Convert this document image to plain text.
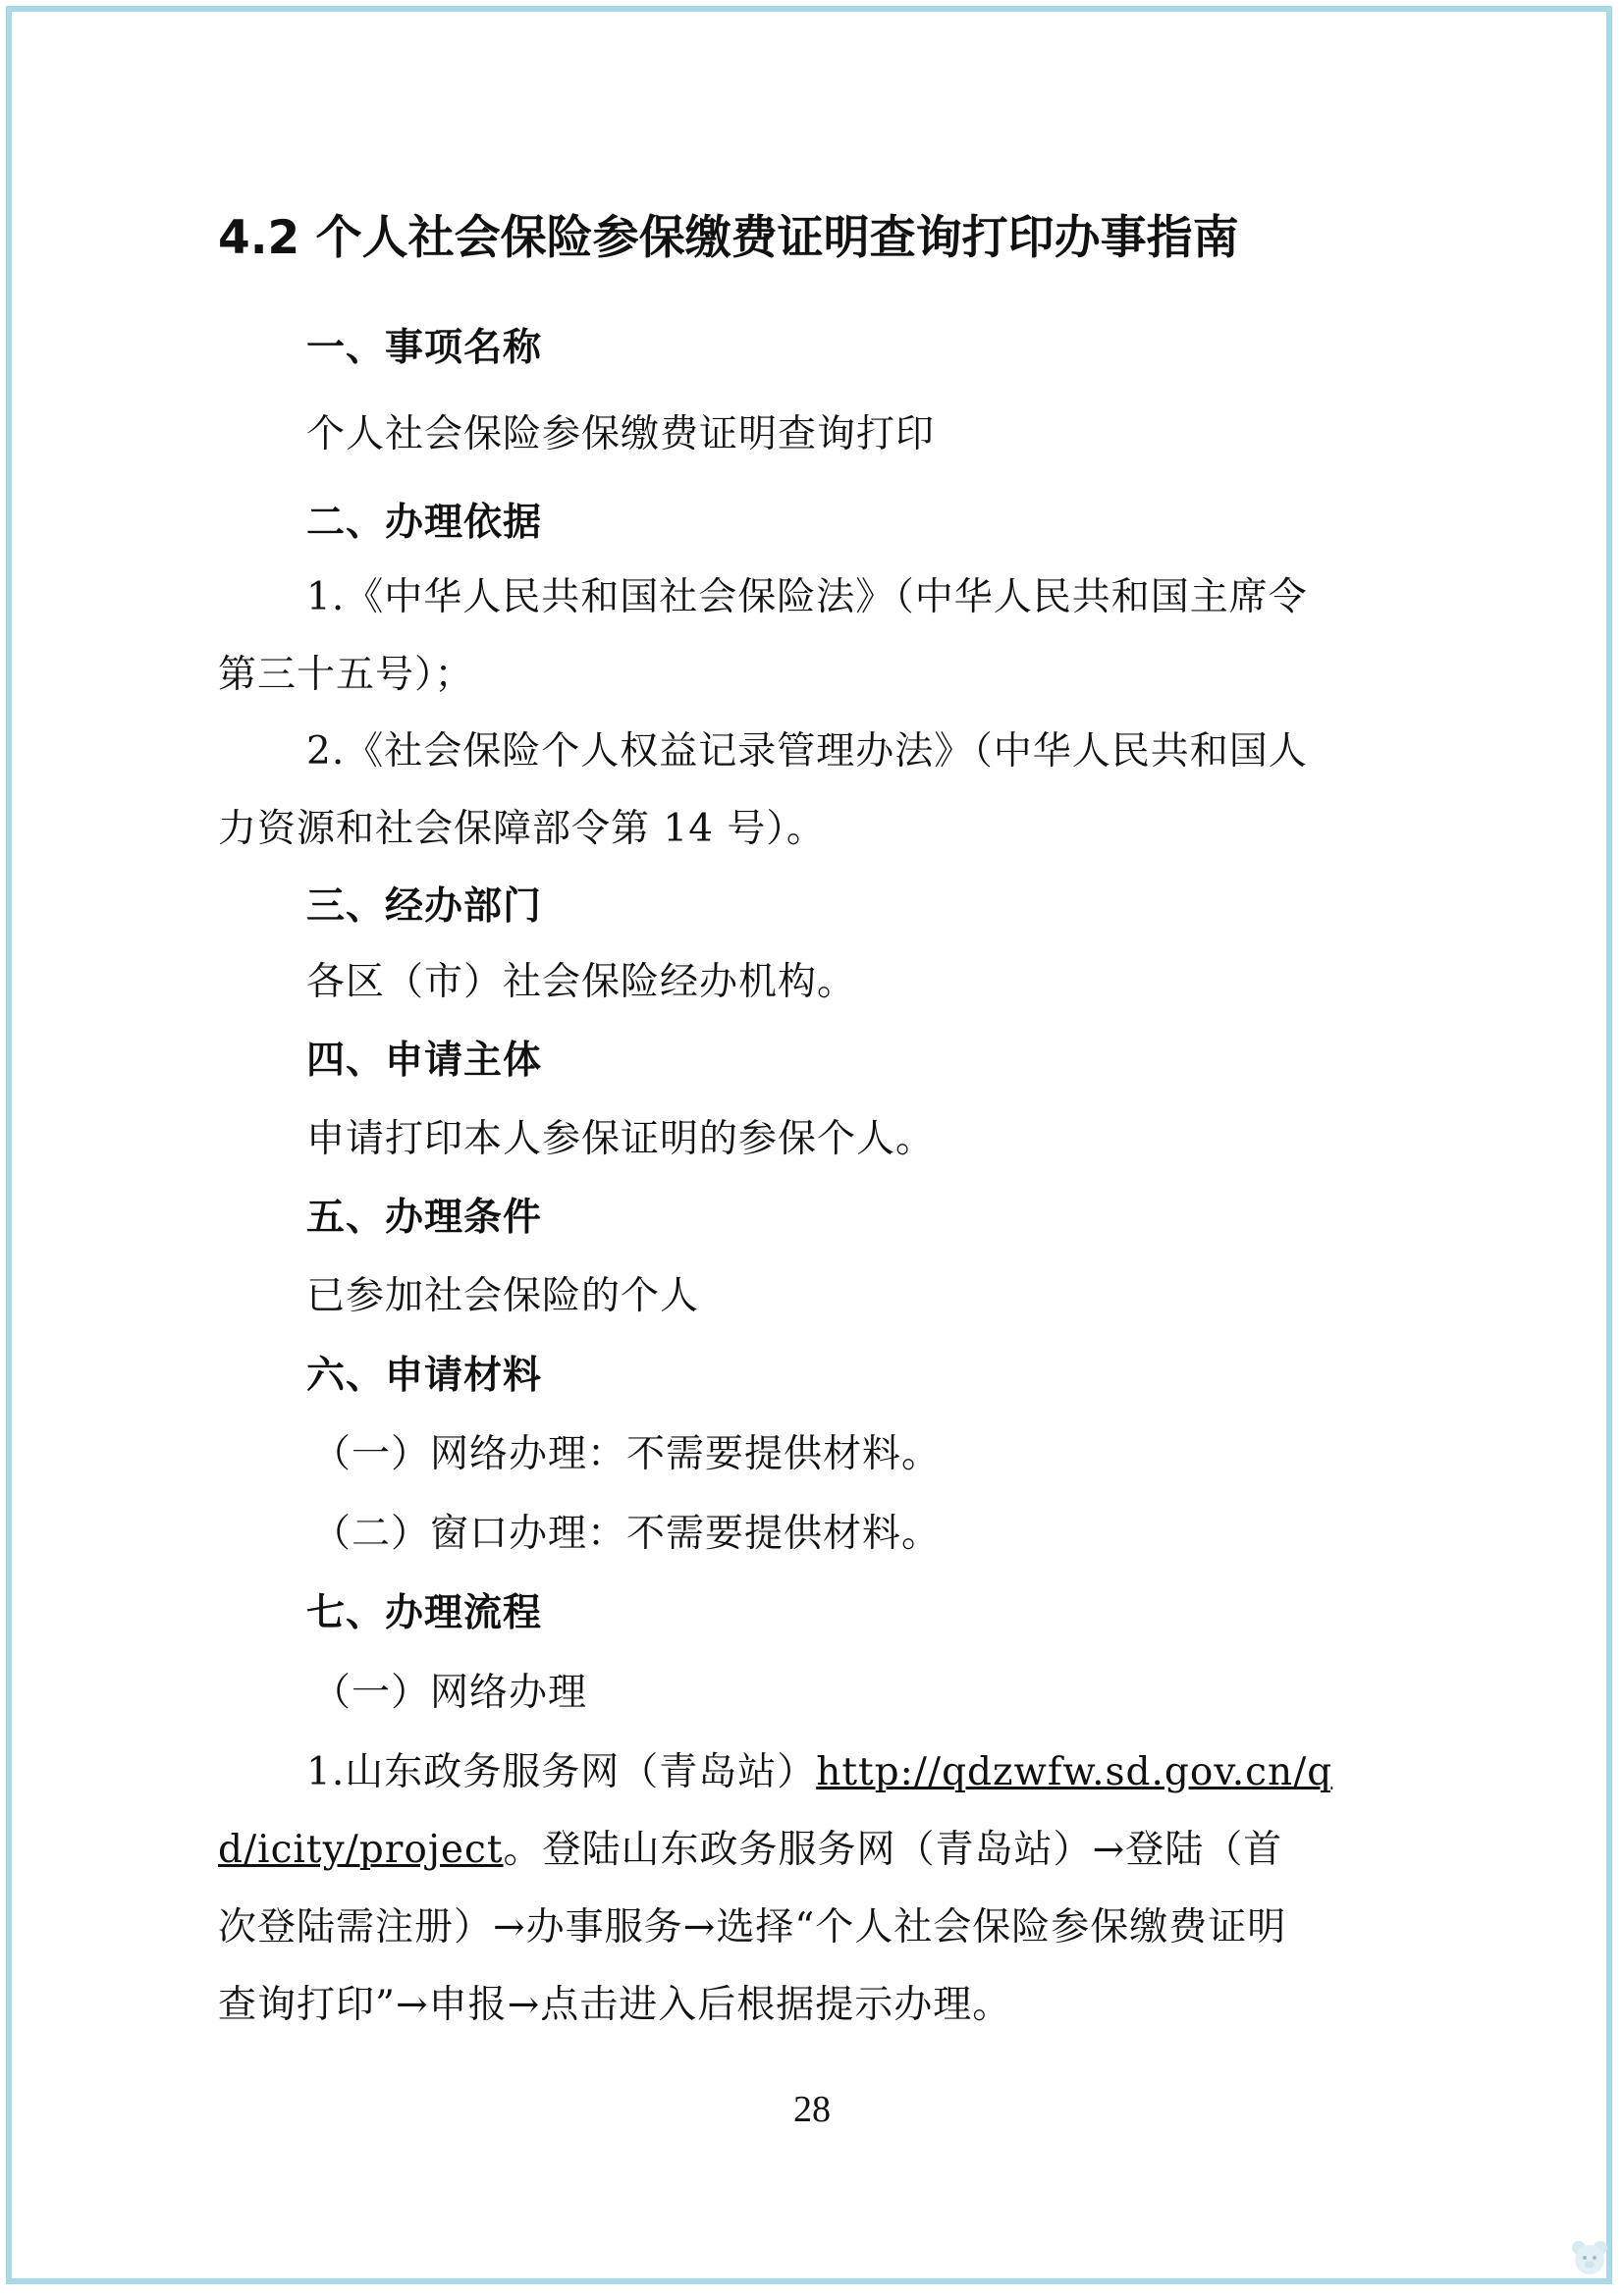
4.2 个人社会保险参保缴费证明查询打印办事指南
一、事项名称
个人社会保险参保缴费证明查询打印
二、办理依据
1.《中华人民共和国社会保险法》（中华人民共和国主席令
第三十五号）；
2.《社会保险个人权益记录管理办法》（中华人民共和国人
力资源和社会保障部令第 14 号）。
三、经办部门
各区（市）社会保险经办机构。
四、申请主体
申请打印本人参保证明的参保个人。
五、办理条件
已参加社会保险的个人
六、申请材料
（一）网络办理：不需要提供材料。
（二）窗口办理：不需要提供材料。
七、办理流程
（一）网络办理
1.山东政务服务网（青岛站）http://qdzwfw.sd.gov.cn/q
d/icity/project。登陆山东政务服务网（青岛站）→登陆（首
次登陆需注册）→办事服务→选择“个人社会保险参保缴费证明
查询打印”→申报→点击进入后根据提示办理。
28
